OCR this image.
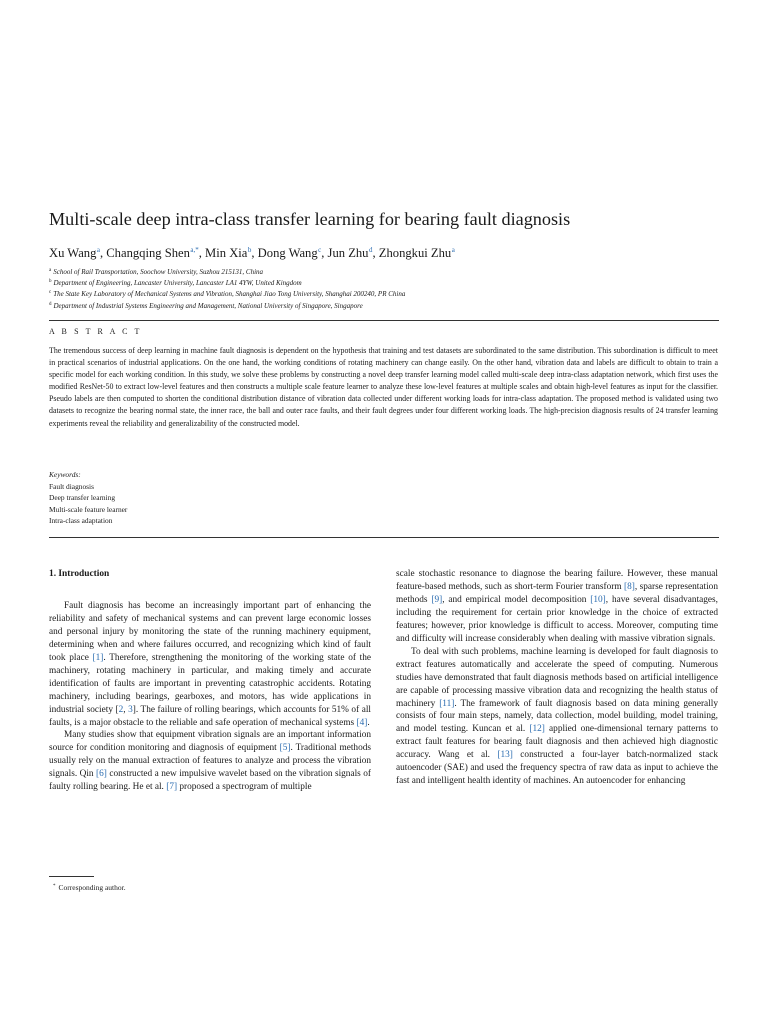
Multi-scale deep intra-class transfer learning for bearing fault diagnosis
Xu Wang$^a$, Changqing Shen$^{a,*}$, Min Xia$^b$, Dong Wang$^c$, Jun Zhu$^d$, Zhongkui Zhu$^a$
$^a$ School of Rail Transportation, Soochow University, Suzhou 215131, China
$^b$ Department of Engineering, Lancaster University, Lancaster LA1 4YW, United Kingdom
$^c$ The State Key Laboratory of Mechanical Systems and Vibration, Shanghai Jiao Tong University, Shanghai 200240, PR China
$^d$ Department of Industrial Systems Engineering and Management, National University of Singapore, Singapore
A B S T R A C T

The tremendous success of deep learning in machine fault diagnosis is dependent on the hypothesis that training and test datasets are subordinated to the same distribution. This subordination is difficult to meet in practical scenarios of industrial applications. On the one hand, the working conditions of rotating machinery can change easily. On the other hand, vibration data and labels are difficult to obtain to train a specific model for each working condition. In this study, we solve these problems by constructing a novel deep transfer learning model called multi-scale deep intra-class adaptation network, which first uses the modified ResNet-50 to extract low-level features and then constructs a multiple scale feature learner to analyze these low-level features at multiple scales and obtain high-level features as input for the classifier. Pseudo labels are then computed to shorten the conditional distribution distance of vibration data collected under different working loads for intra-class adaptation. The proposed method is validated using two datasets to recognize the bearing normal state, the inner race, the ball and outer race faults, and their fault degrees under four different working loads. The high-precision diagnosis results of 24 transfer learning experiments reveal the reliability and generalizability of the constructed model.

Keywords:
Fault diagnosis
Deep transfer learning
Multi-scale feature learner
Intra-class adaptation
1. Introduction

Fault diagnosis has become an increasingly important part of enhancing the reliability and safety of mechanical systems and can prevent large economic losses and personal injury by monitoring the state of the running machinery equipment, determining when and where failures occurred, and recognizing which kind of fault took place [1]. Therefore, strengthening the monitoring of the working state of the machinery, rotating machinery in particular, and making timely and accurate identification of faults are important in preventing catastrophic accidents. Rotating machinery, including bearings, gearboxes, and motors, has wide applications in industrial society [2, 3]. The failure of rolling bearings, which accounts for 51% of all faults, is a major obstacle to the reliable and safe operation of mechanical systems [4].

Many studies show that equipment vibration signals are an important information source for condition monitoring and diagnosis of equipment [5]. Traditional methods usually rely on the manual extraction of features to analyze and process the vibration signals. Qin [6] constructed a new impulsive wavelet based on the vibration signals of faulty rolling bearing. He et al. [7] proposed a spectrogram of multiple

scale stochastic resonance to diagnose the bearing failure. However, these manual feature-based methods, such as short-term Fourier transform [8], sparse representation methods [9], and empirical model decomposition [10], have several disadvantages, including the requirement for certain prior knowledge in the choice of extracted features; however, prior knowledge is difficult to access. Moreover, computing time and difficulty will increase considerably when dealing with massive vibration signals.

To deal with such problems, machine learning is developed for fault diagnosis to extract features automatically and accelerate the speed of computing. Numerous studies have demonstrated that fault diagnosis methods based on artificial intelligence are capable of processing massive vibration data and recognizing the health status of machinery [11]. The framework of fault diagnosis based on data mining generally consists of four main steps, namely, data collection, model building, model training, and model testing. Kuncan et al. [12] applied one-dimensional ternary patterns to extract fault features for bearing fault diagnosis and then achieved high diagnostic accuracy. Wang et al. [13] constructed a four-layer batch-normalized stack autoencoder (SAE) and used the frequency spectra of raw data as input to achieve the fast and intelligent health identity of machines. An autoencoder for enhancing

* Corresponding author.
